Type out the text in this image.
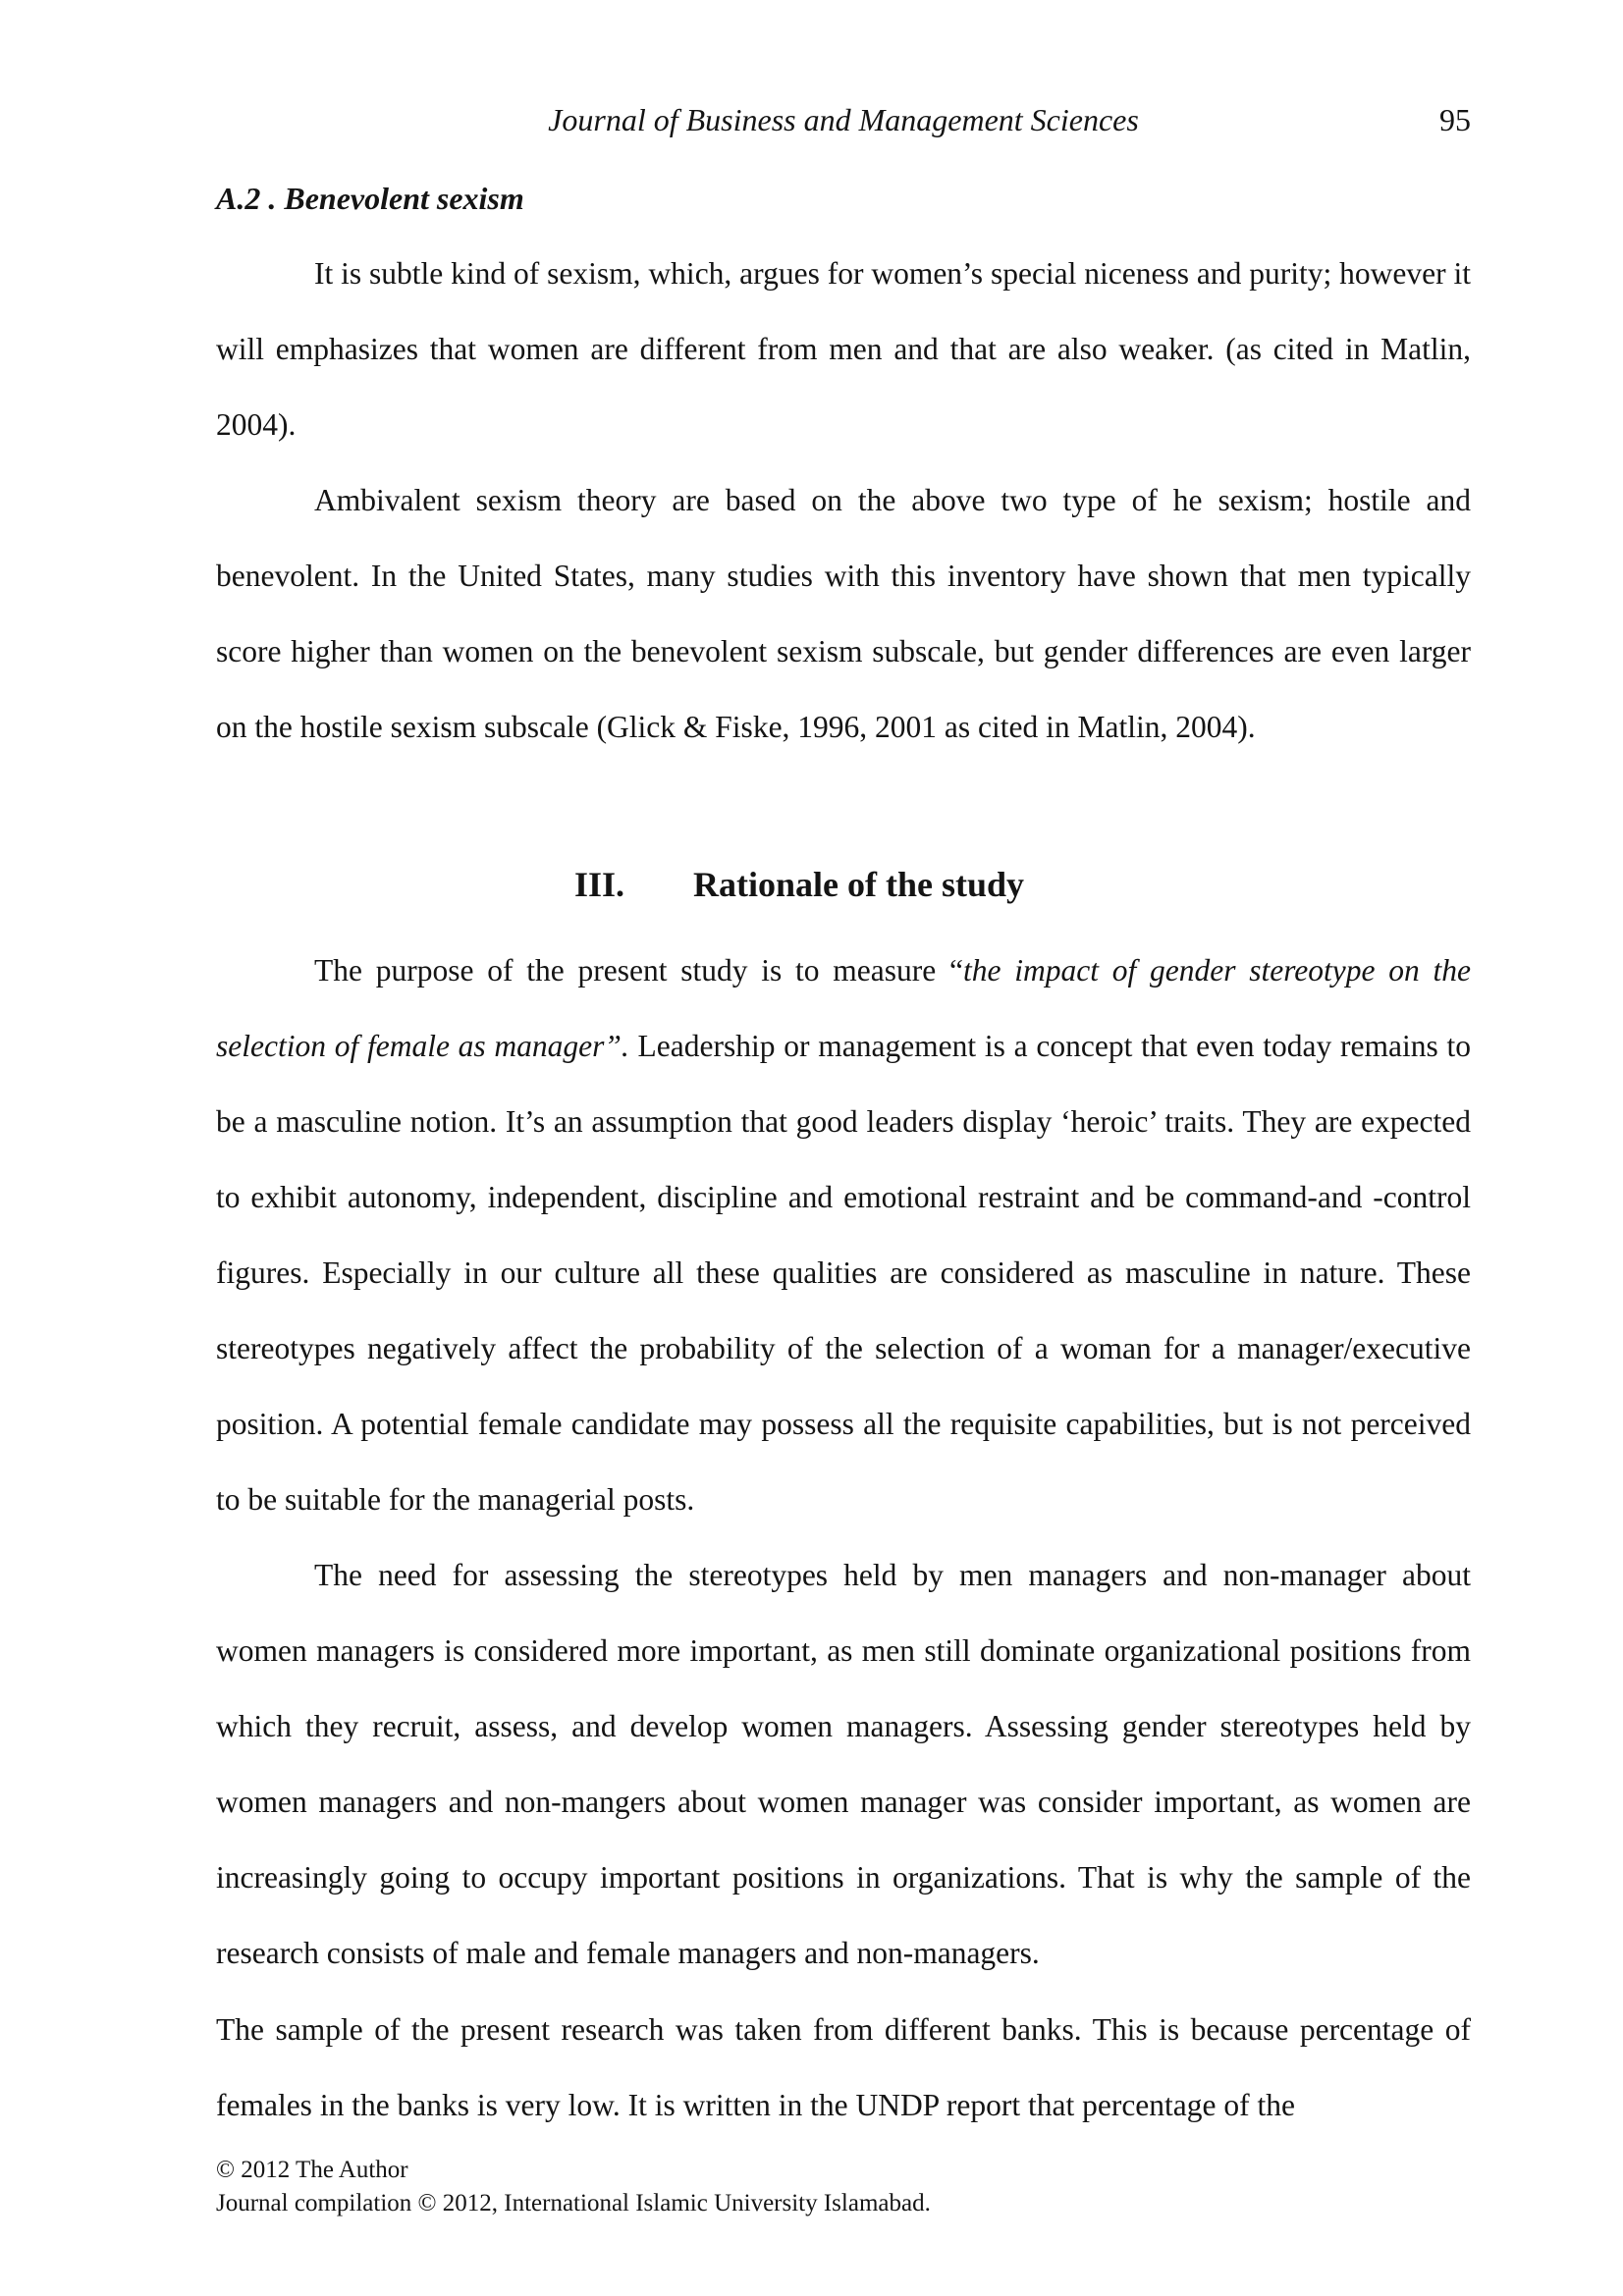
Journal of Business and Management Sciences	95
A.2 . Benevolent sexism

It is subtle kind of sexism, which, argues for women’s special niceness and purity; however it will emphasizes that women are different from men and that are also weaker. (as cited in Matlin, 2004).

Ambivalent sexism theory are based on the above two type of he sexism; hostile and benevolent. In the United States, many studies with this inventory have shown that men typically score higher than women on the benevolent sexism subscale, but gender differences are even larger on the hostile sexism subscale (Glick & Fiske, 1996, 2001 as cited in Matlin, 2004).

III. Rationale of the study

The purpose of the present study is to measure “the impact of gender stereotype on the selection of female as manager”. Leadership or management is a concept that even today remains to be a masculine notion. It’s an assumption that good leaders display ‘heroic’ traits. They are expected to exhibit autonomy, independent, discipline and emotional restraint and be command-and -control figures. Especially in our culture all these qualities are considered as masculine in nature. These stereotypes negatively affect the probability of the selection of a woman for a manager/executive position. A potential female candidate may possess all the requisite capabilities, but is not perceived to be suitable for the managerial posts.

The need for assessing the stereotypes held by men managers and non-manager about women managers is considered more important, as men still dominate organizational positions from which they recruit, assess, and develop women managers. Assessing gender stereotypes held by women managers and non-mangers about women manager was consider important, as women are increasingly going to occupy important positions in organizations. That is why the sample of the research consists of male and female managers and non-managers.

The sample of the present research was taken from different banks. This is because percentage of females in the banks is very low. It is written in the UNDP report that percentage of the

© 2012 The Author
Journal compilation © 2012, International Islamic University Islamabad.
